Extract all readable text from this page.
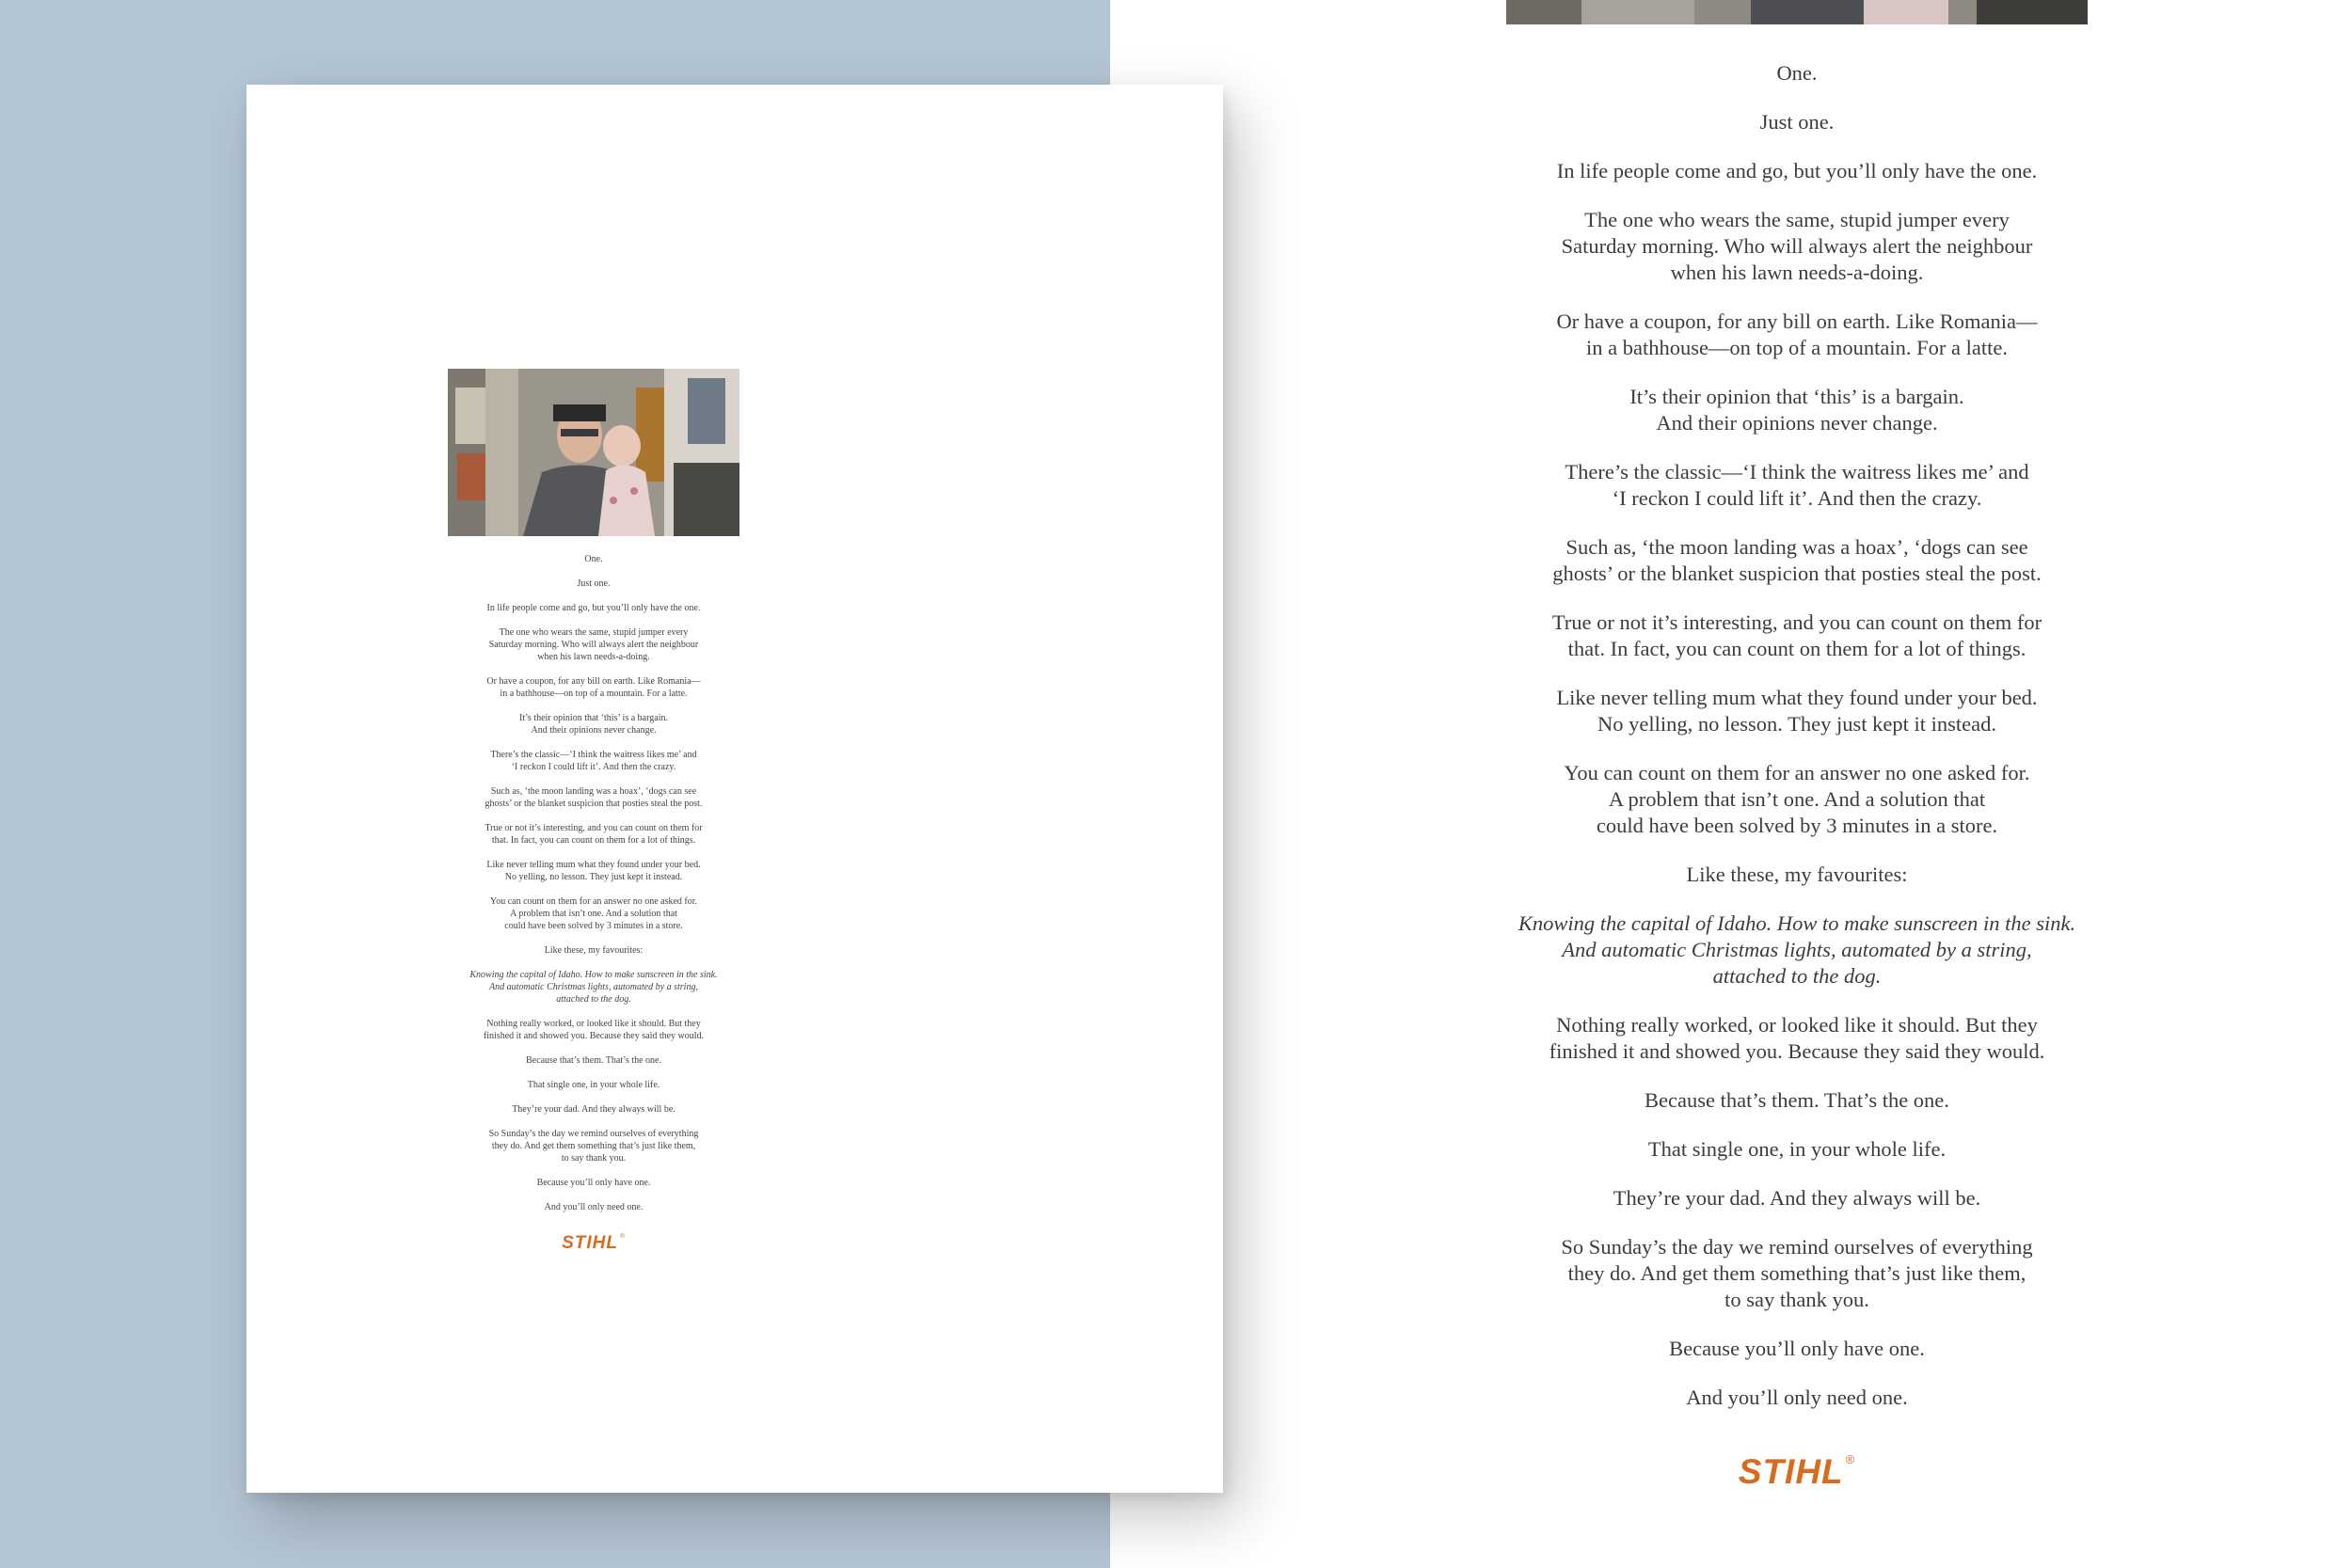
One.
Just one.
In life people come and go, but you’ll only have the one.
The one who wears the same, stupid jumper every
Saturday morning. Who will always alert the neighbour
when his lawn needs-a-doing.
Or have a coupon, for any bill on earth. Like Romania—
in a bathhouse—on top of a mountain. For a latte.
It’s their opinion that ‘this’ is a bargain.
And their opinions never change.
There’s the classic—‘I think the waitress likes me’ and
‘I reckon I could lift it’. And then the crazy.
Such as, ‘the moon landing was a hoax’, ‘dogs can see
ghosts’ or the blanket suspicion that posties steal the post.
True or not it’s interesting, and you can count on them for
that. In fact, you can count on them for a lot of things.
Like never telling mum what they found under your bed.
No yelling, no lesson. They just kept it instead.
You can count on them for an answer no one asked for.
A problem that isn’t one. And a solution that
could have been solved by 3 minutes in a store.
Like these, my favourites:
Knowing the capital of Idaho. How to make sunscreen in the sink.
And automatic Christmas lights, automated by a string,
attached to the dog.
Nothing really worked, or looked like it should. But they
finished it and showed you. Because they said they would.
Because that’s them. That’s the one.
That single one, in your whole life.
They’re your dad. And they always will be.
So Sunday’s the day we remind ourselves of everything
they do. And get them something that’s just like them,
to say thank you.
Because you’ll only have one.
And you’ll only need one.
STIHL ®
One.
Just one.
In life people come and go, but you’ll only have the one.
The one who wears the same, stupid jumper every
Saturday morning. Who will always alert the neighbour
when his lawn needs-a-doing.
Or have a coupon, for any bill on earth. Like Romania—
in a bathhouse—on top of a mountain. For a latte.
It’s their opinion that ‘this’ is a bargain.
And their opinions never change.
There’s the classic—‘I think the waitress likes me’ and
‘I reckon I could lift it’. And then the crazy.
Such as, ‘the moon landing was a hoax’, ‘dogs can see
ghosts’ or the blanket suspicion that posties steal the post.
True or not it’s interesting, and you can count on them for
that. In fact, you can count on them for a lot of things.
Like never telling mum what they found under your bed.
No yelling, no lesson. They just kept it instead.
You can count on them for an answer no one asked for.
A problem that isn’t one. And a solution that
could have been solved by 3 minutes in a store.
Like these, my favourites:
Knowing the capital of Idaho. How to make sunscreen in the sink.
And automatic Christmas lights, automated by a string,
attached to the dog.
Nothing really worked, or looked like it should. But they
finished it and showed you. Because they said they would.
Because that’s them. That’s the one.
That single one, in your whole life.
They’re your dad. And they always will be.
So Sunday’s the day we remind ourselves of everything
they do. And get them something that’s just like them,
to say thank you.
Because you’ll only have one.
And you’ll only need one.
STIHL ®
